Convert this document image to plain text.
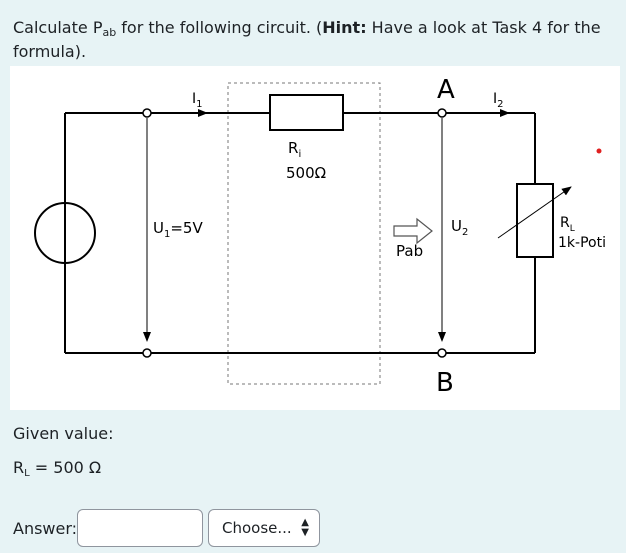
Calculate $P_{ab}$ for the following circuit. (Hint: Have a look at Task 4 for the formula).
A
B
$I_1$	$I_2$
$R_i$
500Ω
$U_1=5V$	$U_2$
Pab
$R_L$
1k-Poti
Given value:
$R_L = 500$ Ω
Answer:	Choose... ▲
▼
